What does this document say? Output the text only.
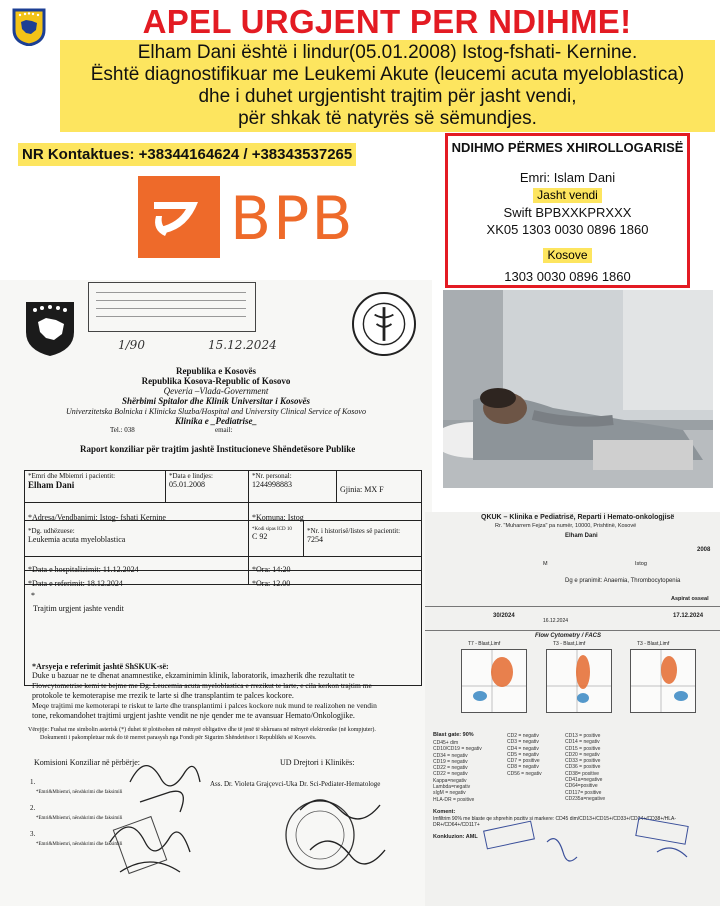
APEL URGJENT PER NDIHME!
Elham Dani është i lindur(05.01.2008) Istog-fshati- Kernine.
Është diagnostifikuar me Leukemi Akute (leucemi acuta myeloblastica)
dhe i duhet urgjentisht trajtim për jasht vendi,
për shkak të natyrës së sëmundjes.
NR Kontaktues: +38344164624 / +38343537265
BPB
NDIHMO PËRMES XHIROLLOGARISË
Emri: Islam Dani
Jasht vendi
Swift BPBXXKPRXXX
XK05 1303 0030 0896 1860
Kosove
1303 0030 0896 1860
1/90	15.12.2024
Republika e Kosovës
Republika Kosova-Republic of Kosovo
Qeveria –Vlada-Government
Shërbimi Spitalor dhe Klinik Universitar i Kosovës
Univerzitetska Bolnicka i Klinicka Sluzba/Hospital and University Clinical Service of Kosovo
Klinika e _Pediatrise_
Tel.: 038	email:
Raport konziliar për trajtim jashtë Institucioneve Shëndetësore Publike
*Emri dhe Mbiemri i pacientit:
Elham Dani
*Data e lindjes:
05.01.2008
*Nr. personal:
1244998883
Gjinia: MX F
*Adresa/Vendbanimi: Istog- fshati Kernine	*Komuna: Istog
*Dg. udhëzuese:
Leukemia acuta myeloblastica
*Kodi sipas ICD 10
C 92
*Nr. i historisë/listes së pacientit:
7254
*Data e hospitalizimit: 11.12.2024	*Ora: 14:20
*Data e referimit: 18.12.2024	*Ora: 12.00
*
Trajtim urgjent jashte vendit
*Arsyeja e referimit jashtë ShSKUK-së:
Duke u bazuar ne te dhenat anamnestike, ekzaminimin klinik, laboratorik, imazherik dhe rezultatit te
Flowcytometrise kemi te bejme me Dg: Leucemia acuta myeloblastica e rrezikut te larte, e cila kerkon trajtim me
protokole te kemoterapise me rrezik te larte si dhe transplantim te palces kockore.
Meqe trajtimi me kemoterapi te riskut te larte dhe transplantimi i palces kockore nuk mund te realizohen ne vendin
tone, rekomandohet trajtimi urgjent jashte vendit ne nje qender me te avansuar Hemato/Onkologjike.
Vërejtje: Fushat me simbolin asterisk (*) duhet të plotësohen në mënyrë obligative dhe të jenë të shkruara në mënyrë elektronike (në kompjuter).
Dokumenti i pakompletuar nuk do të merret parasysh nga Fondi për Sigurim Shëndetësor i Republikës së Kosovës.
Komisioni Konziliar në përbërje:	UD Drejtori i Klinikës:
Ass. Dr. Violeta Grajçevci-Uka Dr. Sci-Pediater-Hematologe
1.
*Emri&Mbiemri, nënshkrimi dhe faksimili
2.
*Emri&Mbiemri, nënshkrimi dhe faksimili
3.
*Emri&Mbiemri, nënshkrimi dhe faksimili
QKUK – Klinika e Pediatrisë, Reparti i Hemato-onkologjisë
Rr. "Muharrem Fejza" pa numër, 10000, Prishtinë, Kosovë
Elham Dani
2008
M	Istog
Dg e pranimit: Anaemia, Thrombocytopenia
Aspirat osseal
30/2024
16.12.2024
17.12.2024
Flow Cytometry / FACS
T7 - Blast,Limf	T3 - Blast,Limf	T3 - Blast,Limf
Blast gate: 90%
CD45+ dim
CD10/CD19 = negativ
CD34 = negativ
CD19 = negativ
CD22 = negativ
CD22 = negativ
Kappa=negativ
Lambda=negativ
sIgM = negativ
HLA-DR = positive
CD2 = negativ
CD3 = negativ
CD4 = negativ
CD5 = negativ
CD7 = positive
CD8 = negativ
CD56 = negativ
CD13 = positive
CD14 = negativ
CD15 = positive
CD20 = negativ
CD33 = positive
CD36 = positive
CD38= positive
CD41a=negative
CD64=positive
CD117= positive
CD235a=negative
Koment:
Imfiltrim 90% me blaste qe shprehin pozitiv si markere: CD45 dim/CD13+/CD15+/CD33+/CD34+/CD38+/HLA-DR+/CD64+/CD117+
Konkluzion: AML
